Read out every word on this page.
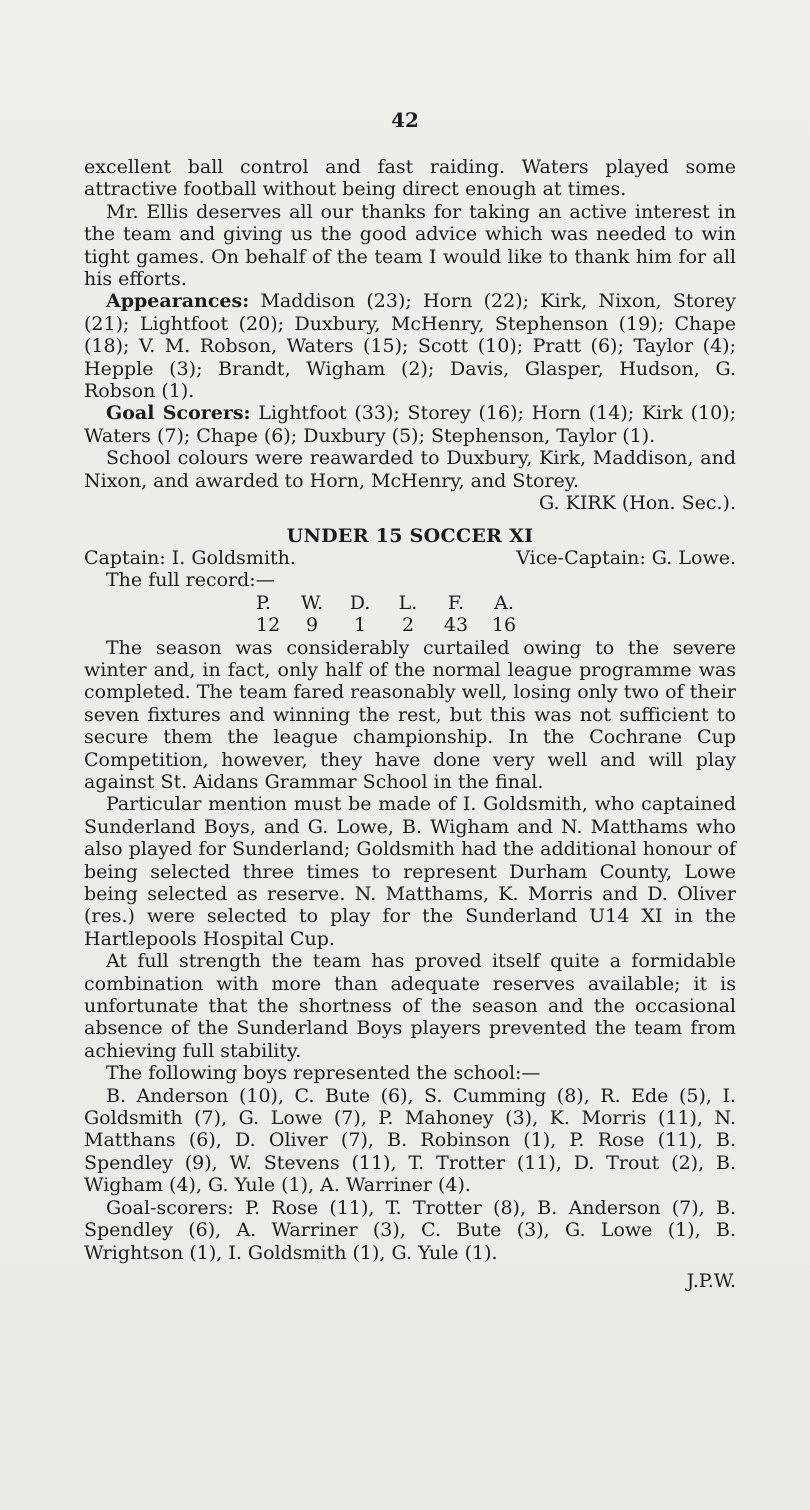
42

excellent ball control and fast raiding. Waters played some attractive football without being direct enough at times.

Mr. Ellis deserves all our thanks for taking an active interest in the team and giving us the good advice which was needed to win tight games. On behalf of the team I would like to thank him for all his efforts.

Appearances: Maddison (23); Horn (22); Kirk, Nixon, Storey (21); Lightfoot (20); Duxbury, McHenry, Stephenson (19); Chape (18); V. M. Robson, Waters (15); Scott (10); Pratt (6); Taylor (4); Hepple (3); Brandt, Wigham (2); Davis, Glasper, Hudson, G. Robson (1).

Goal Scorers: Lightfoot (33); Storey (16); Horn (14); Kirk (10); Waters (7); Chape (6); Duxbury (5); Stephenson, Taylor (1).

School colours were reawarded to Duxbury, Kirk, Maddison, and Nixon, and awarded to Horn, McHenry, and Storey.

G. KIRK (Hon. Sec.).

UNDER 15 SOCCER XI
Captain: I. Goldsmith.	Vice-Captain: G. Lowe.

The full record:—

P.	W.	D.	L.	F.	A.
12	9	1	2	43	16

The season was considerably curtailed owing to the severe winter and, in fact, only half of the normal league programme was completed. The team fared reasonably well, losing only two of their seven fixtures and winning the rest, but this was not sufficient to secure them the league championship. In the Cochrane Cup Competition, however, they have done very well and will play against St. Aidans Grammar School in the final.

Particular mention must be made of I. Goldsmith, who captained Sunderland Boys, and G. Lowe, B. Wigham and N. Matthams who also played for Sunderland; Goldsmith had the additional honour of being selected three times to represent Durham County, Lowe being selected as reserve. N. Matthams, K. Morris and D. Oliver (res.) were selected to play for the Sunderland U14 XI in the Hartlepools Hospital Cup.

At full strength the team has proved itself quite a formidable combination with more than adequate reserves available; it is unfortunate that the shortness of the season and the occasional absence of the Sunderland Boys players prevented the team from achieving full stability.

The following boys represented the school:—

B. Anderson (10), C. Bute (6), S. Cumming (8), R. Ede (5), I. Goldsmith (7), G. Lowe (7), P. Mahoney (3), K. Morris (11), N. Matthans (6), D. Oliver (7), B. Robinson (1), P. Rose (11), B. Spendley (9), W. Stevens (11), T. Trotter (11), D. Trout (2), B. Wigham (4), G. Yule (1), A. Warriner (4).

Goal-scorers: P. Rose (11), T. Trotter (8), B. Anderson (7), B. Spendley (6), A. Warriner (3), C. Bute (3), G. Lowe (1), B. Wrightson (1), I. Goldsmith (1), G. Yule (1).

J.P.W.
